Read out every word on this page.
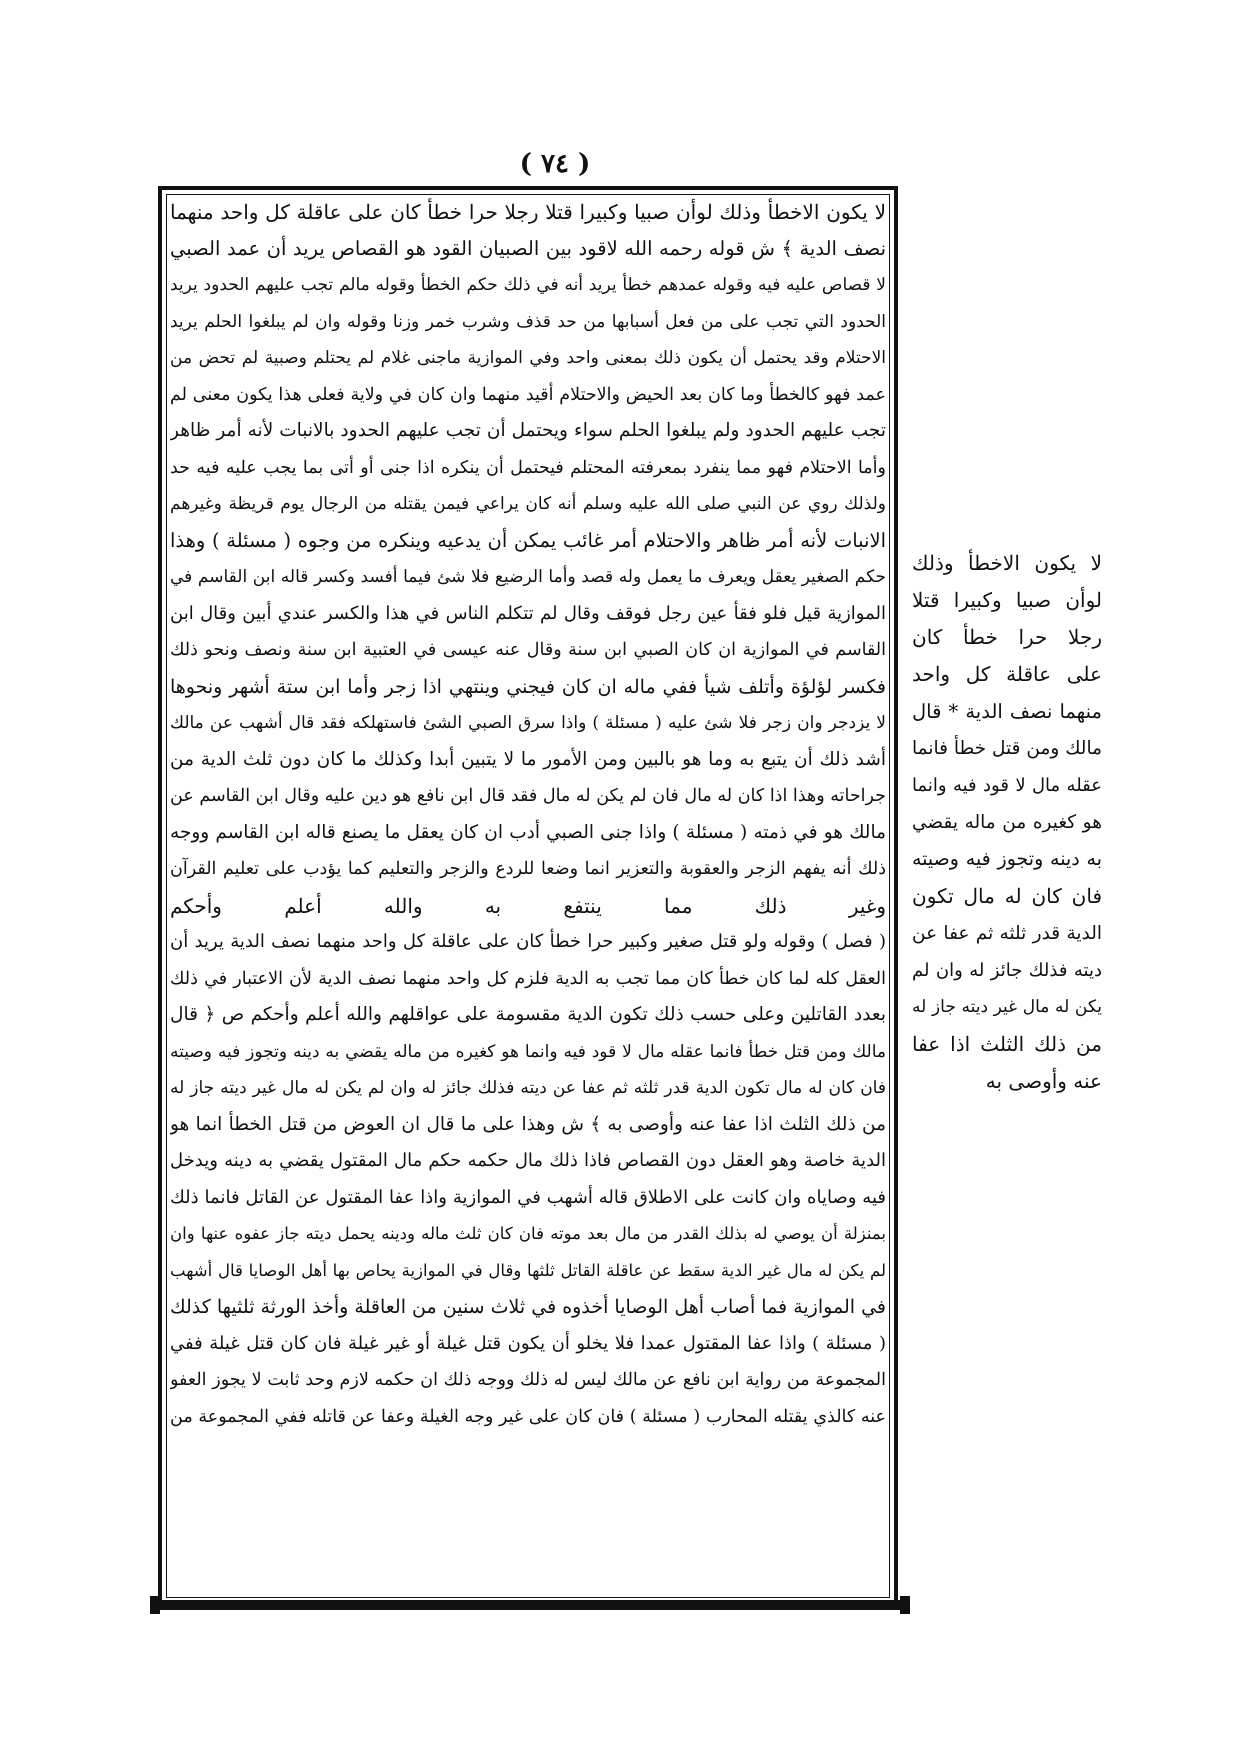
( ٧٤ )
لا يكون الاخطأ وذلك لوأن صبيا وكبيرا قتلا رجلا حرا خطأ كان على عاقلة كل واحد منهما
نصف الدية ﴾ ش قوله رحمه الله لاقود بين الصبيان القود هو القصاص يريد أن عمد الصبي
لا قصاص عليه فيه وقوله عمدهم خطأ يريد أنه في ذلك حكم الخطأ وقوله مالم تجب عليهم الحدود يريد
الحدود التي تجب على من فعل أسبابها من حد قذف وشرب خمر وزنا وقوله وان لم يبلغوا الحلم يريد
الاحتلام وقد يحتمل أن يكون ذلك بمعنى واحد وفي الموازية ماجنى غلام لم يحتلم وصبية لم تحض من
عمد فهو كالخطأ وما كان بعد الحيض والاحتلام أقيد منهما وان كان في ولاية فعلى هذا يكون معنى لم
تجب عليهم الحدود ولم يبلغوا الحلم سواء ويحتمل أن تجب عليهم الحدود بالانبات لأنه أمر ظاهر
وأما الاحتلام فهو مما ينفرد بمعرفته المحتلم فيحتمل أن ينكره اذا جنى أو أتى بما يجب عليه فيه حد
ولذلك روي عن النبي صلى الله عليه وسلم أنه كان يراعي فيمن يقتله من الرجال يوم قريظة وغيرهم
الانبات لأنه أمر ظاهر والاحتلام أمر غائب يمكن أن يدعيه وينكره من وجوه ( مسئلة ) وهذا
حكم الصغير يعقل ويعرف ما يعمل وله قصد وأما الرضيع فلا شئ فيما أفسد وكسر قاله ابن القاسم في
الموازية قيل فلو فقأ عين رجل فوقف وقال لم تتكلم الناس في هذا والكسر عندي أبين وقال ابن
القاسم في الموازية ان كان الصبي ابن سنة وقال عنه عيسى في العتبية ابن سنة ونصف ونحو ذلك
فكسر لؤلؤة وأتلف شيأ ففي ماله ان كان فيجني وينتهي اذا زجر وأما ابن ستة أشهر ونحوها
لا يزدجر وان زجر فلا شئ عليه ( مسئلة ) واذا سرق الصبي الشئ فاستهلكه فقد قال أشهب عن مالك
أشد ذلك أن يتبع به وما هو بالبين ومن الأمور ما لا يتبين أبدا وكذلك ما كان دون ثلث الدية من
جراحاته وهذا اذا كان له مال فان لم يكن له مال فقد قال ابن نافع هو دين عليه وقال ابن القاسم عن
مالك هو في ذمته ( مسئلة ) واذا جنى الصبي أدب ان كان يعقل ما يصنع قاله ابن القاسم ووجه
ذلك أنه يفهم الزجر والعقوبة والتعزير انما وضعا للردع والزجر والتعليم كما يؤدب على تعليم القرآن
وغير ذلك مما ينتفع به والله أعلم وأحكم
( فصل ) وقوله ولو قتل صغير وكبير حرا خطأ كان على عاقلة كل واحد منهما نصف الدية يريد أن
العقل كله لما كان خطأ كان مما تجب به الدية فلزم كل واحد منهما نصف الدية لأن الاعتبار في ذلك
بعدد القاتلين وعلى حسب ذلك تكون الدية مقسومة على عواقلهم والله أعلم وأحكم ص ﴿ قال
مالك ومن قتل خطأ فانما عقله مال لا قود فيه وانما هو كغيره من ماله يقضي به دينه وتجوز فيه وصيته
فان كان له مال تكون الدية قدر ثلثه ثم عفا عن ديته فذلك جائز له وان لم يكن له مال غير ديته جاز له
من ذلك الثلث اذا عفا عنه وأوصى به ﴾ ش وهذا على ما قال ان العوض من قتل الخطأ انما هو
الدية خاصة وهو العقل دون القصاص فاذا ذلك مال حكمه حكم مال المقتول يقضي به دينه ويدخل
فيه وصاياه وان كانت على الاطلاق قاله أشهب في الموازية واذا عفا المقتول عن القاتل فانما ذلك
بمنزلة أن يوصي له بذلك القدر من مال بعد موته فان كان ثلث ماله ودينه يحمل ديته جاز عفوه عنها وان
لم يكن له مال غير الدية سقط عن عاقلة القاتل ثلثها وقال في الموازية يحاص بها أهل الوصايا قال أشهب
في الموازية فما أصاب أهل الوصايا أخذوه في ثلاث سنين من العاقلة وأخذ الورثة ثلثيها كذلك
( مسئلة ) واذا عفا المقتول عمدا فلا يخلو أن يكون قتل غيلة أو غير غيلة فان كان قتل غيلة ففي
المجموعة من رواية ابن نافع عن مالك ليس له ذلك ووجه ذلك ان حكمه لازم وحد ثابت لا يجوز العفو
عنه كالذي يقتله المحارب ( مسئلة ) فان كان على غير وجه الغيلة وعفا عن قاتله ففي المجموعة من
لا يكون الاخطأ وذلك
لوأن صبيا وكبيرا قتلا
رجلا حرا خطأ كان
على عاقلة كل واحد
منهما نصف الدية * قال
مالك ومن قتل خطأ فانما
عقله مال لا قود فيه وانما
هو كغيره من ماله يقضي
به دينه وتجوز فيه وصيته
فان كان له مال تكون
الدية قدر ثلثه ثم عفا عن
ديته فذلك جائز له وان لم
يكن له مال غير ديته جاز له
من ذلك الثلث اذا عفا
عنه وأوصى به
